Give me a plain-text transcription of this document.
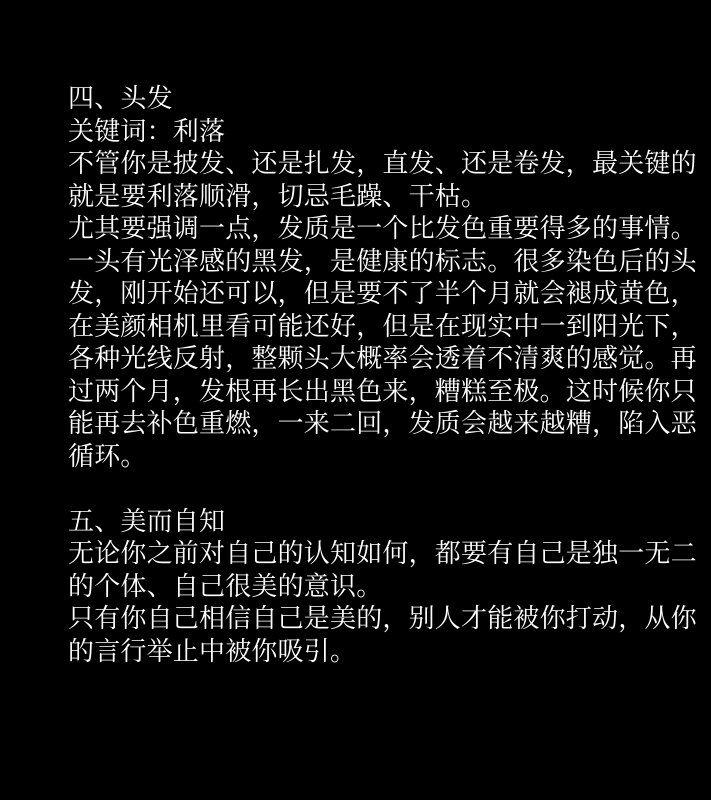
四、头发
关键词：利落
不管你是披发、还是扎发，直发、还是卷发，最关键的
就是要利落顺滑，切忌毛躁、干枯。
尤其要强调一点，发质是一个比发色重要得多的事情。
一头有光泽感的黑发，是健康的标志。很多染色后的头
发，刚开始还可以，但是要不了半个月就会褪成黄色，
在美颜相机里看可能还好，但是在现实中一到阳光下，
各种光线反射，整颗头大概率会透着不清爽的感觉。再
过两个月，发根再长出黑色来，糟糕至极。这时候你只
能再去补色重燃，一来二回，发质会越来越糟，陷入恶
循环。
五、美而自知
无论你之前对自己的认知如何，都要有自己是独一无二
的个体、自己很美的意识。
只有你自己相信自己是美的，别人才能被你打动，从你
的言行举止中被你吸引。
